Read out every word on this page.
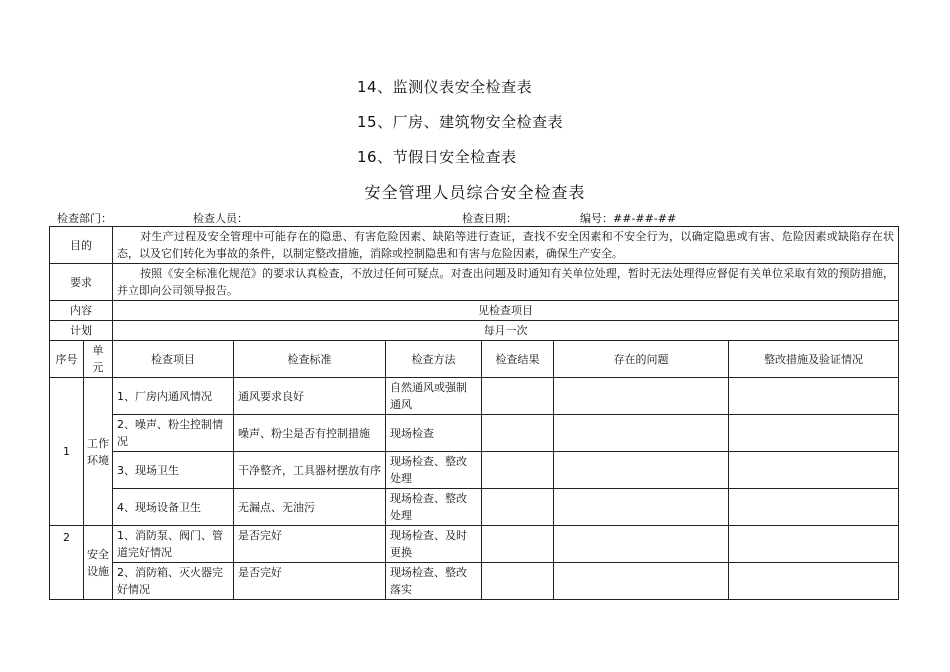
14、监测仪表安全检查表
15、厂房、建筑物安全检查表
16、节假日安全检查表
安全管理人员综合安全检查表
检查部门：	检查人员：	检查日期：	编号：##-##-##
目的		对生产过程及安全管理中可能存在的隐患、有害危险因素、缺陷等进行查证，查找不安全因素和不安全行为，以确定隐患或有害、危险因素或缺陷存在状态，以及它们转化为事故的条件，以制定整改措施，消除或控制隐患和有害与危险因素，确保生产安全。					
要求		按照《安全标准化规范》的要求认真检查，不放过任何可疑点。对查出问题及时通知有关单位处理，暂时无法处理得应督促有关单位采取有效的预防措施，并立即向公司领导报告。					
内容		见检查项目					
计划		每月一次					
序号	单元	检查项目	检查标准	检查方法	检查结果	存在的问题	整改措施及验证情况
1	工作环境	1、厂房内通风情况	通风要求良好	自然通风或强制通风			
		2、噪声、粉尘控制情况	噪声、粉尘是否有控制措施	现场检查			
		3、现场卫生	干净整齐，工具器材摆放有序	现场检查、整改处理			
		4、现场设备卫生	无漏点、无油污	现场检查、整改处理			
2	安全设施	1、消防泵、阀门、管道完好情况	是否完好	现场检查、及时更换			
		2、消防箱、灭火器完好情况	是否完好	现场检查、整改落实			
